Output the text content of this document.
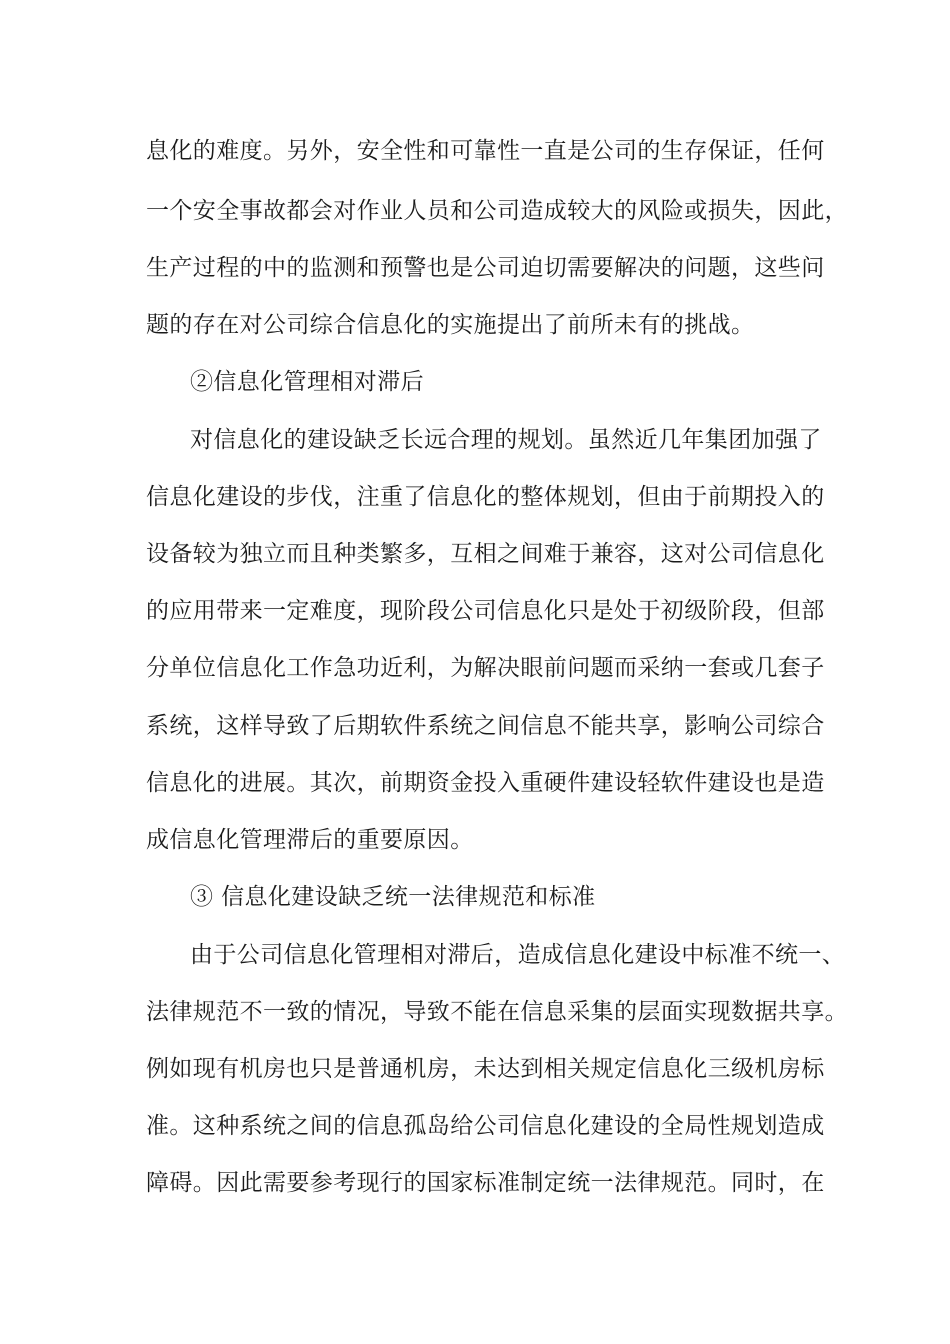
息化的难度。另外，安全性和可靠性一直是公司的生存保证，任何
一个安全事故都会对作业人员和公司造成较大的风险或损失，因此，
生产过程的中的监测和预警也是公司迫切需要解决的问题，这些问
题的存在对公司综合信息化的实施提出了前所未有的挑战。
②信息化管理相对滞后
对信息化的建设缺乏长远合理的规划。虽然近几年集团加强了
信息化建设的步伐，注重了信息化的整体规划，但由于前期投入的
设备较为独立而且种类繁多，互相之间难于兼容，这对公司信息化
的应用带来一定难度，现阶段公司信息化只是处于初级阶段，但部
分单位信息化工作急功近利，为解决眼前问题而采纳一套或几套子
系统，这样导致了后期软件系统之间信息不能共享，影响公司综合
信息化的进展。其次，前期资金投入重硬件建设轻软件建设也是造
成信息化管理滞后的重要原因。
③ 信息化建设缺乏统一法律规范和标准
由于公司信息化管理相对滞后，造成信息化建设中标准不统一、
法律规范不一致的情况，导致不能在信息采集的层面实现数据共享。
例如现有机房也只是普通机房，未达到相关规定信息化三级机房标
准。这种系统之间的信息孤岛给公司信息化建设的全局性规划造成
障碍。因此需要参考现行的国家标准制定统一法律规范。同时，在
